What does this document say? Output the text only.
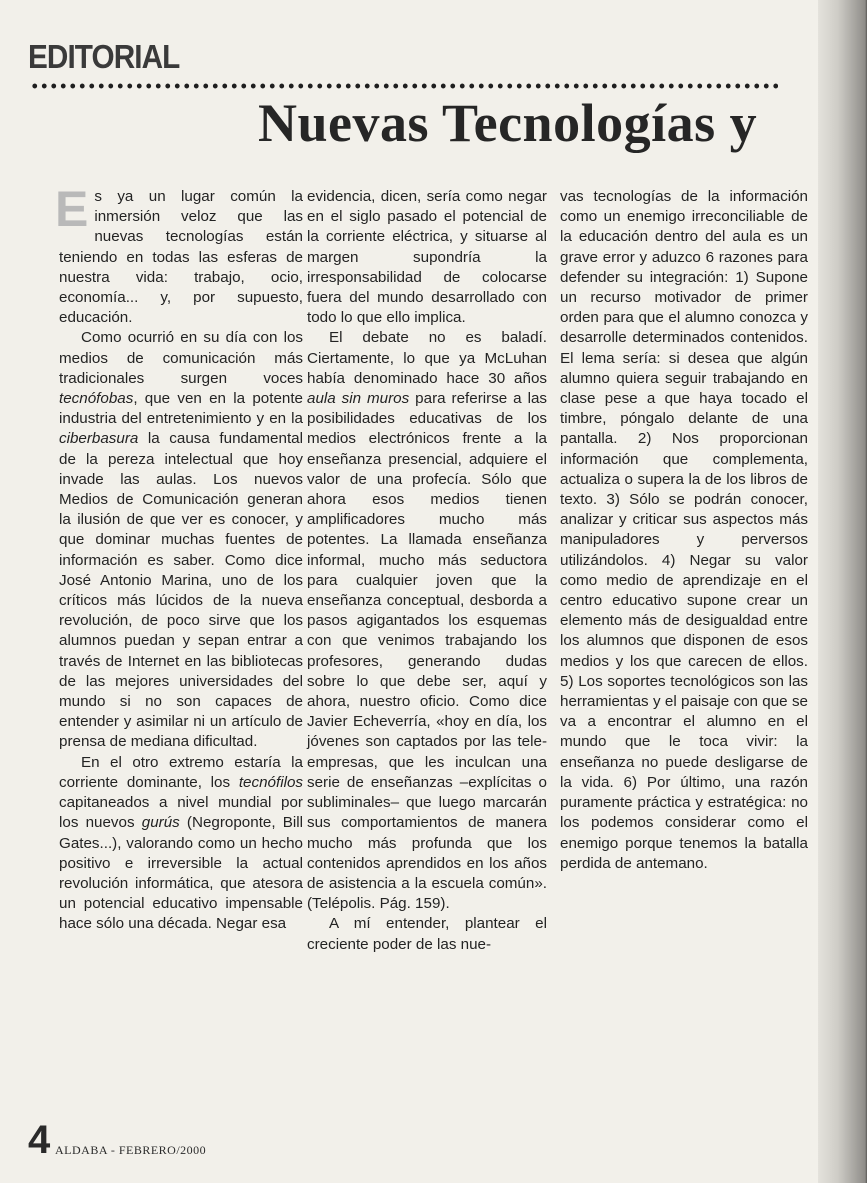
EDITORIAL
Nuevas Tecnologías y
E s ya un lugar común la inmersión veloz que las nuevas tecnologías están teniendo en todas las esferas de nuestra vida: trabajo, ocio, economía... y, por supuesto, educación.

Como ocurrió en su día con los medios de comunicación más tradicionales surgen voces tecnófobas, que ven en la potente industria del entretenimiento y en la ciberbasura la causa fundamental de la pereza intelectual que hoy invade las aulas. Los nuevos Medios de Comunicación generan la ilusión de que ver es conocer, y que dominar muchas fuentes de información es saber. Como dice José Antonio Marina, uno de los críticos más lúcidos de la nueva revolución, de poco sirve que los alumnos puedan y sepan entrar a través de Internet en las bibliotecas de las mejores universidades del mundo si no son capaces de entender y asimilar ni un artículo de prensa de mediana dificultad.

En el otro extremo estaría la corriente dominante, los tecnófilos capitaneados a nivel mundial por los nuevos gurús (Negroponte, Bill Gates...), valorando como un hecho positivo e irreversible la actual revolución informática, que atesora un potencial educativo impensable hace sólo una década. Negar esa

evidencia, dicen, sería como negar en el siglo pasado el potencial de la corriente eléctrica, y situarse al margen supondría la irresponsabilidad de colocarse fuera del mundo desarrollado con todo lo que ello implica.

El debate no es baladí. Ciertamente, lo que ya McLuhan había denominado hace 30 años aula sin muros para referirse a las posibilidades educativas de los medios electrónicos frente a la enseñanza presencial, adquiere el valor de una profecía. Sólo que ahora esos medios tienen amplificadores mucho más potentes. La llamada enseñanza informal, mucho más seductora para cualquier joven que la enseñanza conceptual, desborda a pasos agigantados los esquemas con que venimos trabajando los profesores, generando dudas sobre lo que debe ser, aquí y ahora, nuestro oficio. Como dice Javier Echeverría, «hoy en día, los jóvenes son captados por las tele-empresas, que les inculcan una serie de enseñanzas –explícitas o subliminales– que luego marcarán sus comportamientos de manera mucho más profunda que los contenidos aprendidos en los años de asistencia a la escuela común». (Telépolis. Pág. 159).

A mí entender, plantear el creciente poder de las nue-

vas tecnologías de la información como un enemigo irreconciliable de la educación dentro del aula es un grave error y aduzco 6 razones para defender su integración: 1) Supone un recurso motivador de primer orden para que el alumno conozca y desarrolle determinados contenidos. El lema sería: si desea que algún alumno quiera seguir trabajando en clase pese a que haya tocado el timbre, póngalo delante de una pantalla. 2) Nos proporcionan información que complementa, actualiza o supera la de los libros de texto. 3) Sólo se podrán conocer, analizar y criticar sus aspectos más manipuladores y perversos utilizándolos. 4) Negar su valor como medio de aprendizaje en el centro educativo supone crear un elemento más de desigualdad entre los alumnos que disponen de esos medios y los que carecen de ellos. 5) Los soportes tecnológicos son las herramientas y el paisaje con que se va a encontrar el alumno en el mundo que le toca vivir: la enseñanza no puede desligarse de la vida. 6) Por último, una razón puramente práctica y estratégica: no los podemos considerar como el enemigo porque tenemos la batalla perdida de antemano.

4 ALDABA - FEBRERO/2000
